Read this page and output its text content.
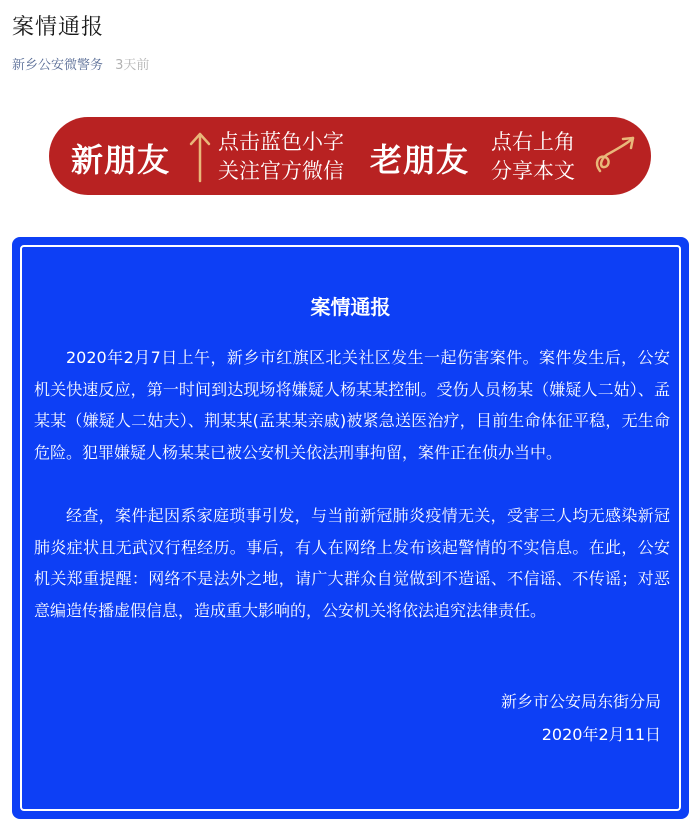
案情通报
新乡公安微警务 3天前
新朋友 点击蓝色小字
关注官方微信 老朋友 点右上角
分享本文
案情通报

2020年2月7日上午，新乡市红旗区北关社区发生一起伤害案件。案件发生后，公安机关快速反应，第一时间到达现场将嫌疑人杨某某控制。受伤人员杨某（嫌疑人二姑）、孟某某（嫌疑人二姑夫）、荆某某(孟某某亲戚)被紧急送医治疗，目前生命体征平稳，无生命危险。犯罪嫌疑人杨某某已被公安机关依法刑事拘留，案件正在侦办当中。

经查，案件起因系家庭琐事引发，与当前新冠肺炎疫情无关，受害三人均无感染新冠肺炎症状且无武汉行程经历。事后，有人在网络上发布该起警情的不实信息。在此，公安机关郑重提醒：网络不是法外之地，请广大群众自觉做到不造谣、不信谣、不传谣；对恶意编造传播虚假信息，造成重大影响的，公安机关将依法追究法律责任。

新乡市公安局东街分局
2020年2月11日
